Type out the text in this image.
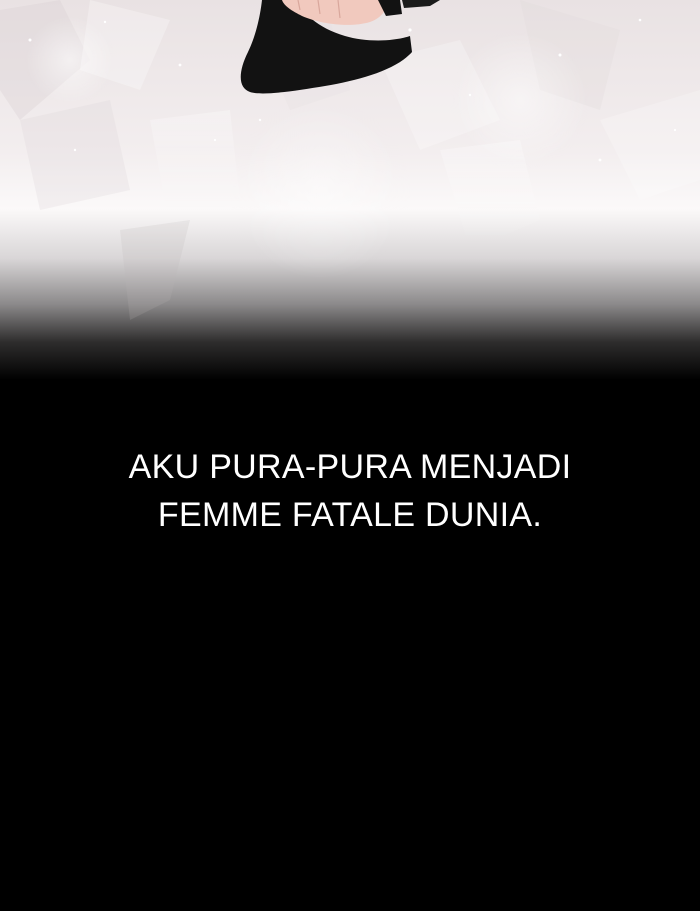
AKU PURA-PURA MENJADI
FEMME FATALE DUNIA.
